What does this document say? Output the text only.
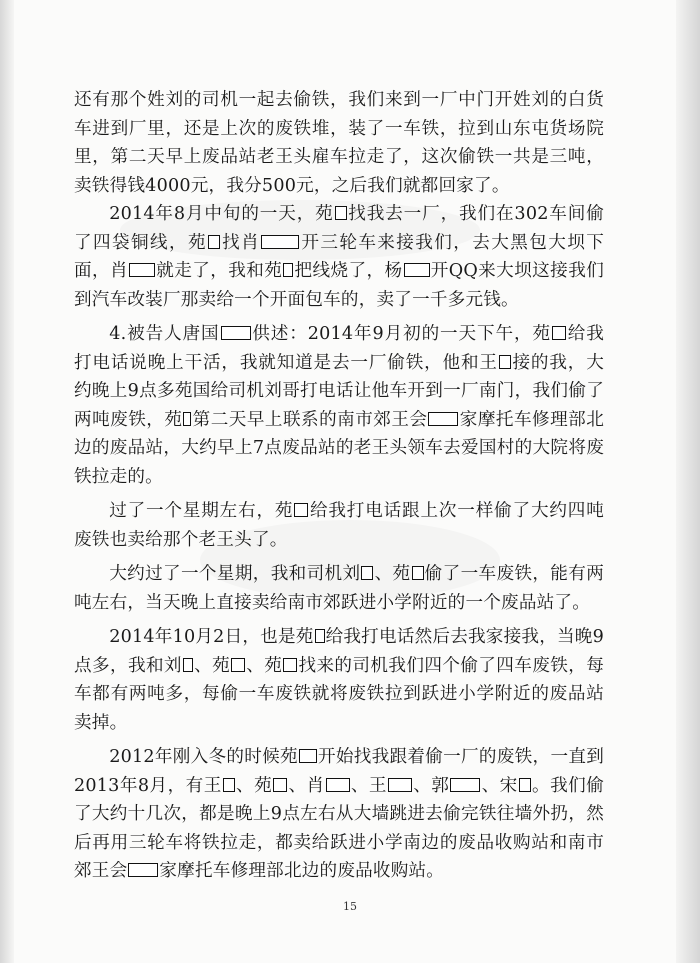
还有那个姓刘的司机一起去偷铁，我们来到一厂中门开姓刘的白货车进到厂里，还是上次的废铁堆，装了一车铁，拉到山东屯货场院里，第二天早上废品站老王头雇车拉走了，这次偷铁一共是三吨，卖铁得钱4000元，我分500元，之后我们就都回家了。

2014年8月中旬的一天，苑 找我去一厂，我们在302车间偷了四袋铜线，苑 找肖 开三轮车来接我们，去大黑包大坝下面，肖 就走了，我和苑 把线烧了，杨 开QQ来大坝这接我们到汽车改装厂那卖给一个开面包车的，卖了一千多元钱。

4.被告人唐国 供述：2014年9月初的一天下午，苑 给我打电话说晚上干活，我就知道是去一厂偷铁，他和王 接的我，大约晚上9点多苑国给司机刘哥打电话让他车开到一厂南门，我们偷了两吨废铁，苑 第二天早上联系的南市郊王会 家摩托车修理部北边的废品站，大约早上7点废品站的老王头领车去爱国村的大院将废铁拉走的。

过了一个星期左右，苑 给我打电话跟上次一样偷了大约四吨废铁也卖给那个老王头了。

大约过了一个星期，我和司机刘 、苑 偷了一车废铁，能有两吨左右，当天晚上直接卖给南市郊跃进小学附近的一个废品站了。

2014年10月2日，也是苑 给我打电话然后去我家接我，当晚9点多，我和刘 、苑 、苑 找来的司机我们四个偷了四车废铁，每车都有两吨多，每偷一车废铁就将废铁拉到跃进小学附近的废品站卖掉。

2012年刚入冬的时候苑 开始找我跟着偷一厂的废铁，一直到2013年8月，有王 、苑 、肖 、王 、郭 、宋 。我们偷了大约十几次，都是晚上9点左右从大墙跳进去偷完铁往墙外扔，然后再用三轮车将铁拉走，都卖给跃进小学南边的废品收购站和南市郊王会 家摩托车修理部北边的废品收购站。

15
